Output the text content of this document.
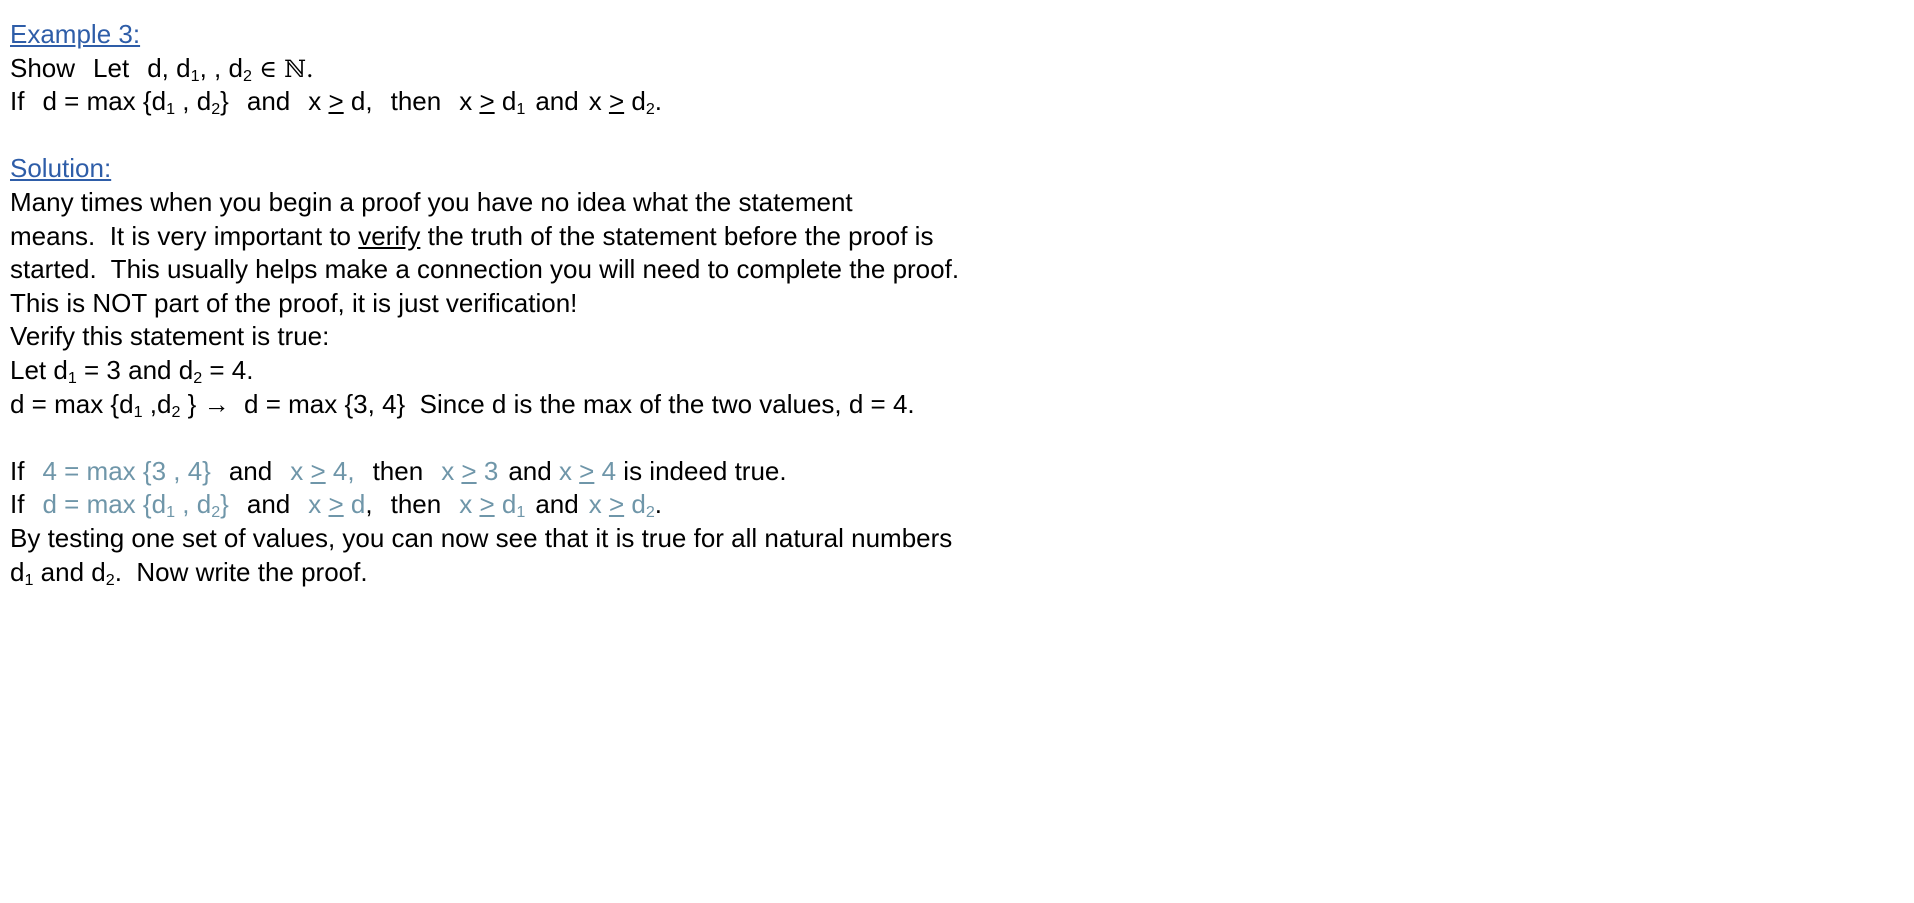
Example 3:
Show Let d, $d_1$, , $d_2$ ∈ ℕ.
If $d = \max \{d_1$ , $d_2$} and x ≥ d, then $x \ge d_1$ and $x \ge d_2$.
Solution:
Many times when you begin a proof you have no idea what the statement
means.  It is very important to verify the truth of the statement before the proof is
started.  This usually helps make a connection you will need to complete the proof.
This is NOT part of the proof, it is just verification!
Verify this statement is true:
Let $d_1 = 3$ and $d_2 = 4$.
$d = \max \{d_1$ $,d_2$ } → d = max {3, 4}  Since d is the max of the two values, d = 4.
If 4 = max {3 , 4} and x ≥ 4, then x ≥ 3 and x ≥ 4 is indeed true.
If $d = \max \{d_1$ , $d_2$} and x ≥ d, then $x \ge d_1$ and $x \ge d_2$.
By testing one set of values, you can now see that it is true for all natural numbers
$d_1$ and $d_2$.  Now write the proof.
